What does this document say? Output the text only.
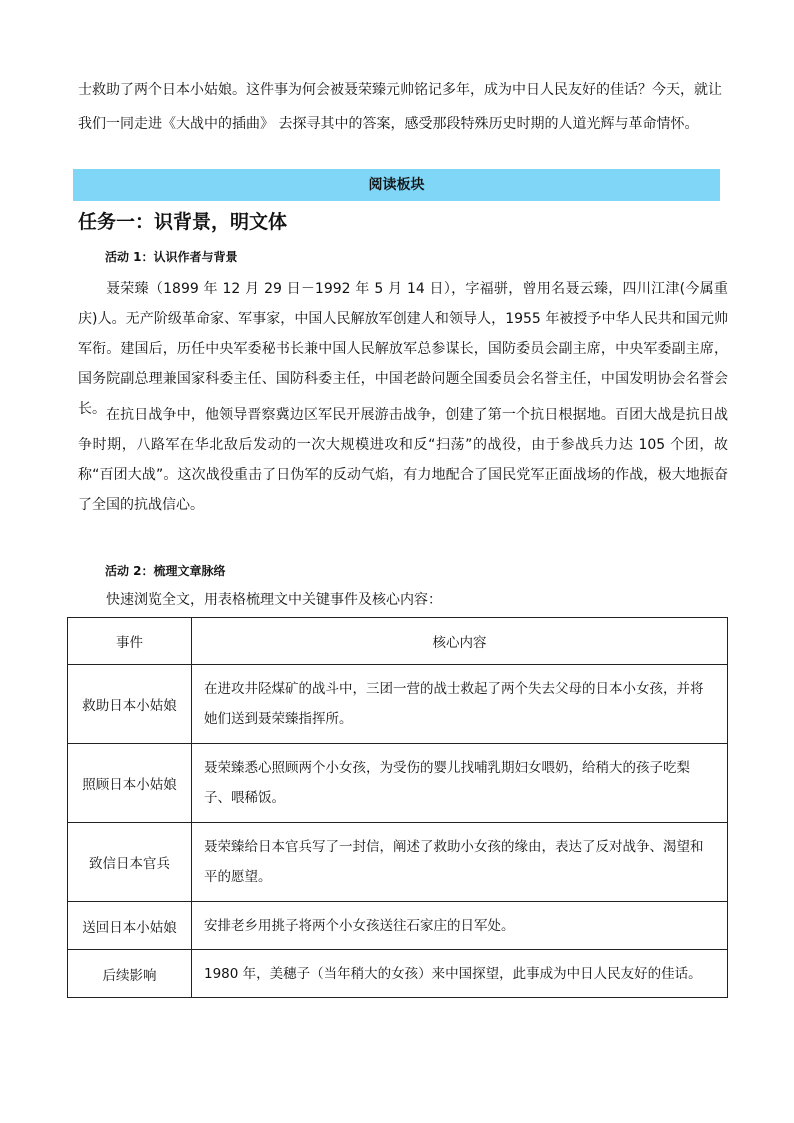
士救助了两个日本小姑娘。这件事为何会被聂荣臻元帅铭记多年，成为中日人民友好的佳话？今天，就让

我们一同走进《大战中的插曲》 去探寻其中的答案，感受那段特殊历史时期的人道光辉与革命情怀。

阅读板块
任务一：识背景，明文体

活动 1：认识作者与背景

聂荣臻（1899 年 12 月 29 日－1992 年 5 月 14 日），字福骈，曾用名聂云臻，四川江津(今属重庆)人。无产阶级革命家、军事家，中国人民解放军创建人和领导人，1955 年被授予中华人民共和国元帅军衔。建国后，历任中央军委秘书长兼中国人民解放军总参谋长，国防委员会副主席，中央军委副主席，国务院副总理兼国家科委主任、国防科委主任，中国老龄问题全国委员会名誉主任，中国发明协会名誉会长。 在抗日战争中，他领导晋察冀边区军民开展游击战争，创建了第一个抗日根据地。百团大战是抗日战争时期，八路军在华北敌后发动的一次大规模进攻和反“扫荡”的战役，由于参战兵力达 105 个团，故称“百团大战”。这次战役重击了日伪军的反动气焰，有力地配合了国民党军正面战场的作战，极大地振奋了全国的抗战信心。

活动 2：梳理文章脉络

快速浏览全文，用表格梳理文中关键事件及核心内容：

事件	核心内容
救助日本小姑娘	在进攻井陉煤矿的战斗中，三团一营的战士救起了两个失去父母的日本小女孩，并将她们送到聂荣臻指挥所。
照顾日本小姑娘	聂荣臻悉心照顾两个小女孩，为受伤的婴儿找哺乳期妇女喂奶，给稍大的孩子吃梨子、喂稀饭。
致信日本官兵	聂荣臻给日本官兵写了一封信，阐述了救助小女孩的缘由，表达了反对战争、渴望和平的愿望。
送回日本小姑娘	安排老乡用挑子将两个小女孩送往石家庄的日军处。
后续影响	1980 年，美穗子（当年稍大的女孩）来中国探望，此事成为中日人民友好的佳话。
